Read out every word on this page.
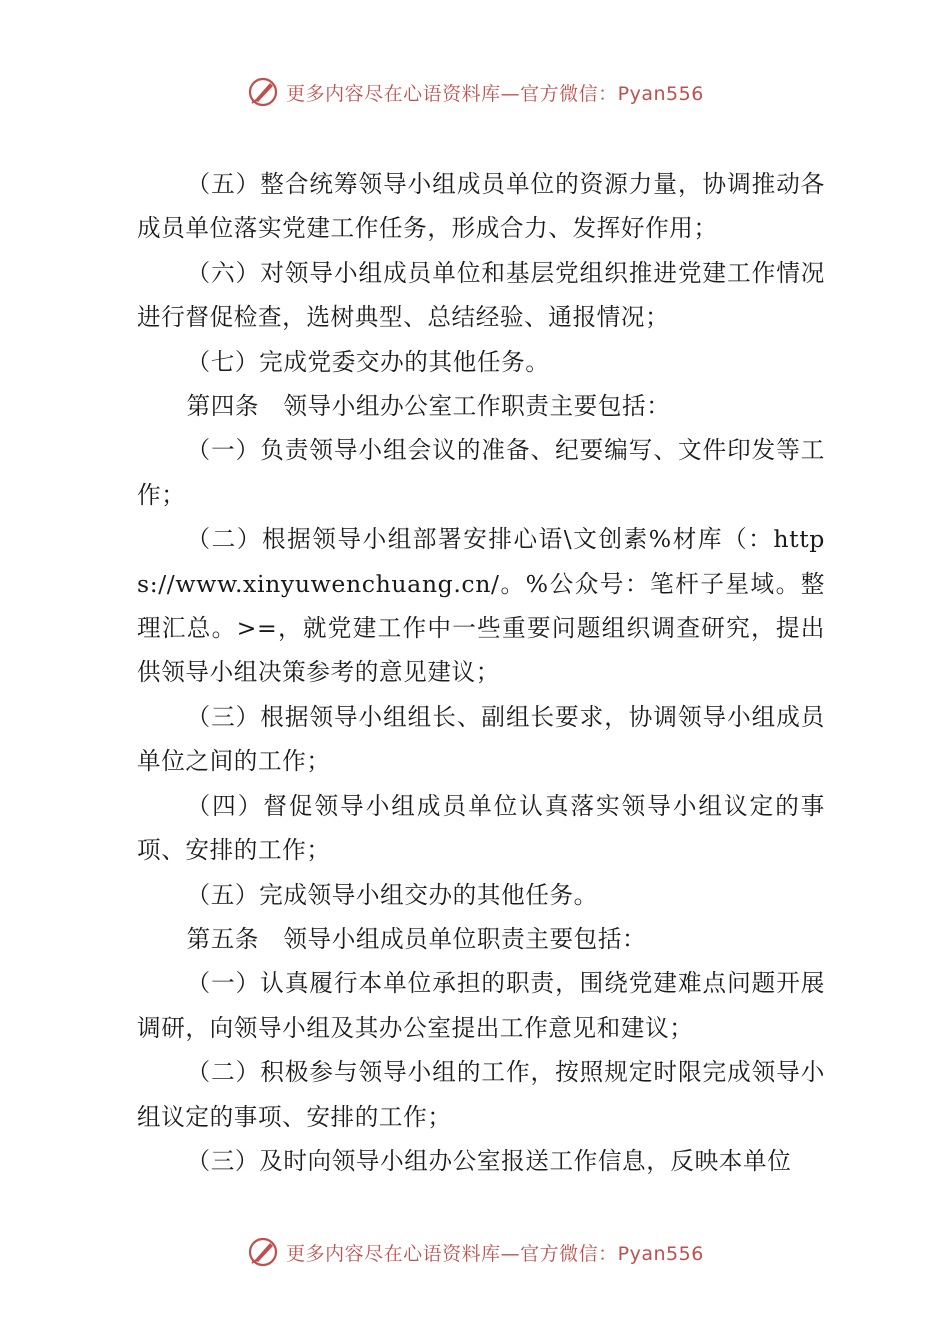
更多内容尽在心语资料库—官方微信：Pyan556

（五）整合统筹领导小组成员单位的资源力量，协调推动各成员单位落实党建工作任务，形成合力、发挥好作用；

（六）对领导小组成员单位和基层党组织推进党建工作情况进行督促检查，选树典型、总结经验、通报情况；

（七）完成党委交办的其他任务。

第四条　领导小组办公室工作职责主要包括：

（一）负责领导小组会议的准备、纪要编写、文件印发等工作；

（二）根据领导小组部署安排心语\文创素%材库（：https://www.xinyuwenchuang.cn/。%公众号：笔杆子星域。整理汇总。>=，就党建工作中一些重要问题组织调查研究，提出供领导小组决策参考的意见建议；

（三）根据领导小组组长、副组长要求，协调领导小组成员单位之间的工作；

（四）督促领导小组成员单位认真落实领导小组议定的事项、安排的工作；

（五）完成领导小组交办的其他任务。

第五条　领导小组成员单位职责主要包括：

（一）认真履行本单位承担的职责，围绕党建难点问题开展调研，向领导小组及其办公室提出工作意见和建议；

（二）积极参与领导小组的工作，按照规定时限完成领导小组议定的事项、安排的工作；

（三）及时向领导小组办公室报送工作信息，反映本单位

更多内容尽在心语资料库—官方微信：Pyan556
